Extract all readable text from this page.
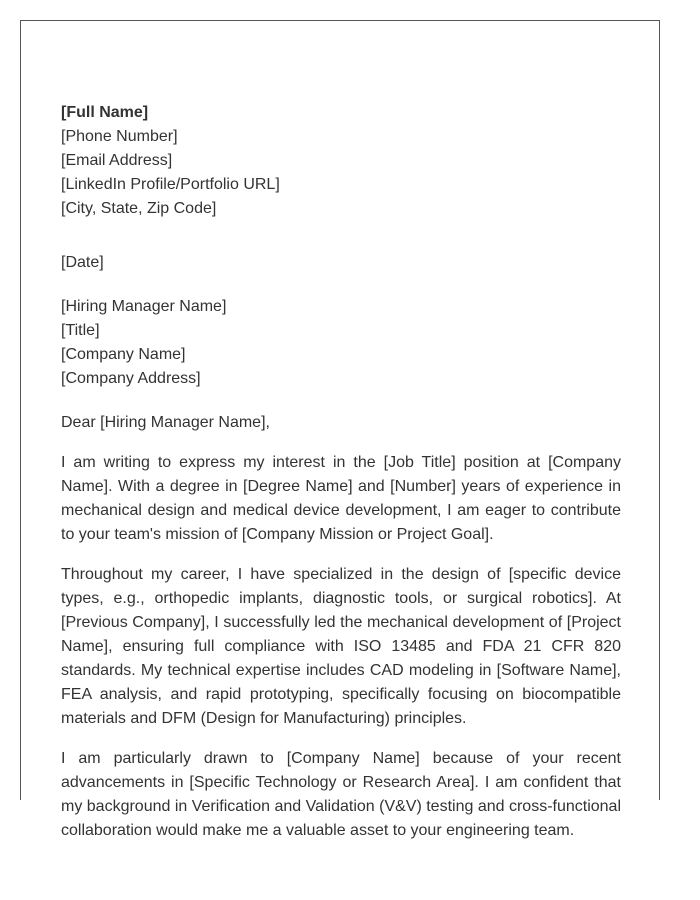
[Full Name]
[Phone Number]
[Email Address]
[LinkedIn Profile/Portfolio URL]
[City, State, Zip Code]
[Date]
[Hiring Manager Name]
[Title]
[Company Name]
[Company Address]
Dear [Hiring Manager Name],

I am writing to express my interest in the [Job Title] position at [Company Name]. With a degree in [Degree Name] and [Number] years of experience in mechanical design and medical device development, I am eager to contribute to your team's mission of [Company Mission or Project Goal].

Throughout my career, I have specialized in the design of [specific device types, e.g., orthopedic implants, diagnostic tools, or surgical robotics]. At [Previous Company], I successfully led the mechanical development of [Project Name], ensuring full compliance with ISO 13485 and FDA 21 CFR 820 standards. My technical expertise includes CAD modeling in [Software Name], FEA analysis, and rapid prototyping, specifically focusing on biocompatible materials and DFM (Design for Manufacturing) principles.

I am particularly drawn to [Company Name] because of your recent advancements in [Specific Technology or Research Area]. I am confident that my background in Verification and Validation (V&V) testing and cross-functional collaboration would make me a valuable asset to your engineering team.
